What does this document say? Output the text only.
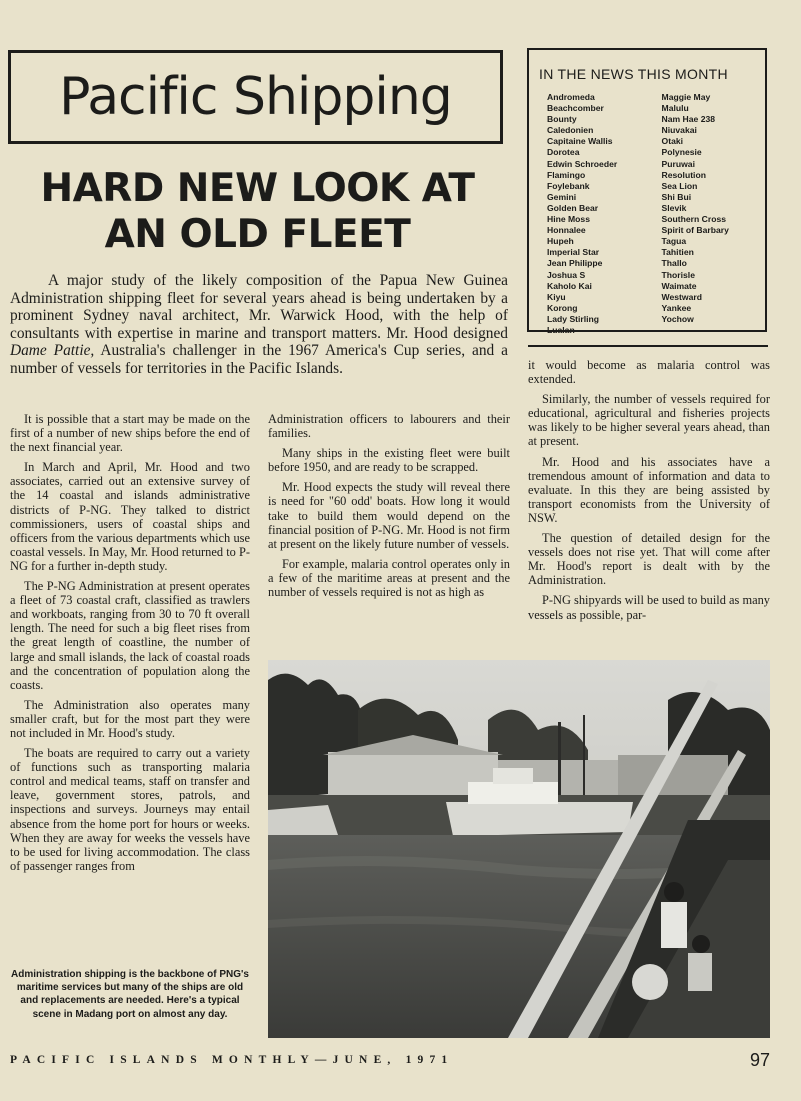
Pacific Shipping
HARD NEW LOOK AT
AN OLD FLEET

A major study of the likely composition of the Papua New Guinea Administration shipping fleet for several years ahead is being undertaken by a prominent Sydney naval architect, Mr. Warwick Hood, with the help of consultants with expertise in marine and transport matters. Mr. Hood designed Dame Pattie, Australia's challenger in the 1967 America's Cup series, and a number of vessels for territories in the Pacific Islands.

IN THE NEWS THIS MONTH
Andromeda
Beachcomber
Bounty
Caledonien
Capitaine Wallis
Dorotea
Edwin Schroeder
Flamingo
Foylebank
Gemini
Golden Bear
Hine Moss
Honnalee
Hupeh
Imperial Star
Jean Philippe
Joshua S
Kaholo Kai
Kiyu
Korong
Lady Stirling
Lualan
Maggie May
Malulu
Nam Hae 238
Niuvakai
Otaki
Polynesie
Puruwai
Resolution
Sea Lion
Shi Bui
Slevik
Southern Cross
Spirit of Barbary
Tagua
Tahitien
Thallo
Thorisle
Waimate
Westward
Yankee
Yochow

It is possible that a start may be made on the first of a number of new ships before the end of the next financial year.

In March and April, Mr. Hood and two associates, carried out an extensive survey of the 14 coastal and islands administrative districts of P-NG. They talked to district commissioners, users of coastal ships and officers from the various departments which use coastal vessels. In May, Mr. Hood returned to P-NG for a further in-depth study.

The P-NG Administration at present operates a fleet of 73 coastal craft, classified as trawlers and workboats, ranging from 30 to 70 ft overall length. The need for such a big fleet rises from the great length of coastline, the number of large and small islands, the lack of coastal roads and the concentration of population along the coasts.

The Administration also operates many smaller craft, but for the most part they were not included in Mr. Hood's study.

The boats are required to carry out a variety of functions such as transporting malaria control and medical teams, staff on transfer and leave, government stores, patrols, and inspections and surveys. Journeys may entail absence from the home port for hours or weeks. When they are away for weeks the vessels have to be used for living accommodation. The class of passenger ranges from

Administration officers to labourers and their families.

Many ships in the existing fleet were built before 1950, and are ready to be scrapped.

Mr. Hood expects the study will reveal there is need for "60 odd' boats. How long it would take to build them would depend on the financial position of P-NG. Mr. Hood is not firm at present on the likely future number of vessels.

For example, malaria control operates only in a few of the maritime areas at present and the number of vessels required is not as high as

it would become as malaria control was extended.

Similarly, the number of vessels required for educational, agricultural and fisheries projects was likely to be higher several years ahead, than at present.

Mr. Hood and his associates have a tremendous amount of information and data to evaluate. In this they are being assisted by transport economists from the University of NSW.

The question of detailed design for the vessels does not rise yet. That will come after Mr. Hood's report is dealt with by the Administration.

P-NG shipyards will be used to build as many vessels as possible, par-

Administration shipping is the backbone of PNG's maritime services but many of the ships are old and replacements are needed. Here's a typical scene in Madang port on almost any day.
PACIFIC ISLANDS MONTHLY—JUNE, 1971	97
